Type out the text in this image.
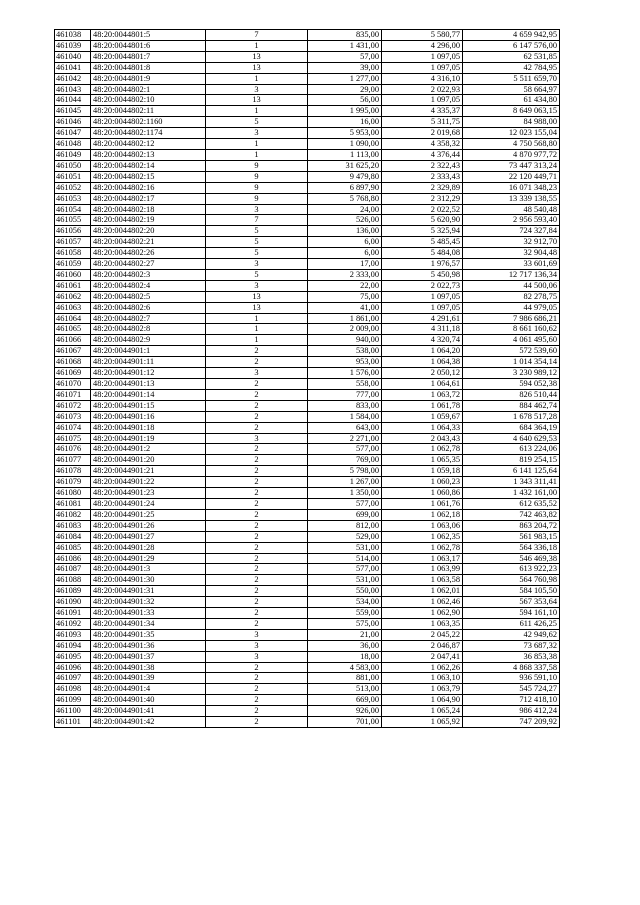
461038	48:20:0044801:5	7	835,00	5 580,77	4 659 942,95
461039	48:20:0044801:6	1	1 431,00	4 296,00	6 147 576,00
461040	48:20:0044801:7	13	57,00	1 097,05	62 531,85
461041	48:20:0044801:8	13	39,00	1 097,05	42 784,95
461042	48:20:0044801:9	1	1 277,00	4 316,10	5 511 659,70
461043	48:20:0044802:1	3	29,00	2 022,93	58 664,97
461044	48:20:0044802:10	13	56,00	1 097,05	61 434,80
461045	48:20:0044802:11	1	1 995,00	4 335,37	8 649 063,15
461046	48:20:0044802:1160	5	16,00	5 311,75	84 988,00
461047	48:20:0044802:1174	3	5 953,00	2 019,68	12 023 155,04
461048	48:20:0044802:12	1	1 090,00	4 358,32	4 750 568,80
461049	48:20:0044802:13	1	1 113,00	4 376,44	4 870 977,72
461050	48:20:0044802:14	9	31 625,20	2 322,43	73 447 313,24
461051	48:20:0044802:15	9	9 479,80	2 333,43	22 120 449,71
461052	48:20:0044802:16	9	6 897,90	2 329,89	16 071 348,23
461053	48:20:0044802:17	9	5 768,80	2 312,29	13 339 138,55
461054	48:20:0044802:18	3	24,00	2 022,52	48 540,48
461055	48:20:0044802:19	7	526,00	5 620,90	2 956 593,40
461056	48:20:0044802:20	5	136,00	5 325,94	724 327,84
461057	48:20:0044802:21	5	6,00	5 485,45	32 912,70
461058	48:20:0044802:26	5	6,00	5 484,08	32 904,48
461059	48:20:0044802:27	3	17,00	1 976,57	33 601,69
461060	48:20:0044802:3	5	2 333,00	5 450,98	12 717 136,34
461061	48:20:0044802:4	3	22,00	2 022,73	44 500,06
461062	48:20:0044802:5	13	75,00	1 097,05	82 278,75
461063	48:20:0044802:6	13	41,00	1 097,05	44 979,05
461064	48:20:0044802:7	1	1 861,00	4 291,61	7 986 686,21
461065	48:20:0044802:8	1	2 009,00	4 311,18	8 661 160,62
461066	48:20:0044802:9	1	940,00	4 320,74	4 061 495,60
461067	48:20:0044901:1	2	538,00	1 064,20	572 539,60
461068	48:20:0044901:11	2	953,00	1 064,38	1 014 354,14
461069	48:20:0044901:12	3	1 576,00	2 050,12	3 230 989,12
461070	48:20:0044901:13	2	558,00	1 064,61	594 052,38
461071	48:20:0044901:14	2	777,00	1 063,72	826 510,44
461072	48:20:0044901:15	2	833,00	1 061,78	884 462,74
461073	48:20:0044901:16	2	1 584,00	1 059,67	1 678 517,28
461074	48:20:0044901:18	2	643,00	1 064,33	684 364,19
461075	48:20:0044901:19	3	2 271,00	2 043,43	4 640 629,53
461076	48:20:0044901:2	2	577,00	1 062,78	613 224,06
461077	48:20:0044901:20	2	769,00	1 065,35	819 254,15
461078	48:20:0044901:21	2	5 798,00	1 059,18	6 141 125,64
461079	48:20:0044901:22	2	1 267,00	1 060,23	1 343 311,41
461080	48:20:0044901:23	2	1 350,00	1 060,86	1 432 161,00
461081	48:20:0044901:24	2	577,00	1 061,76	612 635,52
461082	48:20:0044901:25	2	699,00	1 062,18	742 463,82
461083	48:20:0044901:26	2	812,00	1 063,06	863 204,72
461084	48:20:0044901:27	2	529,00	1 062,35	561 983,15
461085	48:20:0044901:28	2	531,00	1 062,78	564 336,18
461086	48:20:0044901:29	2	514,00	1 063,17	546 469,38
461087	48:20:0044901:3	2	577,00	1 063,99	613 922,23
461088	48:20:0044901:30	2	531,00	1 063,58	564 760,98
461089	48:20:0044901:31	2	550,00	1 062,01	584 105,50
461090	48:20:0044901:32	2	534,00	1 062,46	567 353,64
461091	48:20:0044901:33	2	559,00	1 062,90	594 161,10
461092	48:20:0044901:34	2	575,00	1 063,35	611 426,25
461093	48:20:0044901:35	3	21,00	2 045,22	42 949,62
461094	48:20:0044901:36	3	36,00	2 046,87	73 687,32
461095	48:20:0044901:37	3	18,00	2 047,41	36 853,38
461096	48:20:0044901:38	2	4 583,00	1 062,26	4 868 337,58
461097	48:20:0044901:39	2	881,00	1 063,10	936 591,10
461098	48:20:0044901:4	2	513,00	1 063,79	545 724,27
461099	48:20:0044901:40	2	669,00	1 064,90	712 418,10
461100	48:20:0044901:41	2	926,00	1 065,24	986 412,24
461101	48:20:0044901:42	2	701,00	1 065,92	747 209,92
